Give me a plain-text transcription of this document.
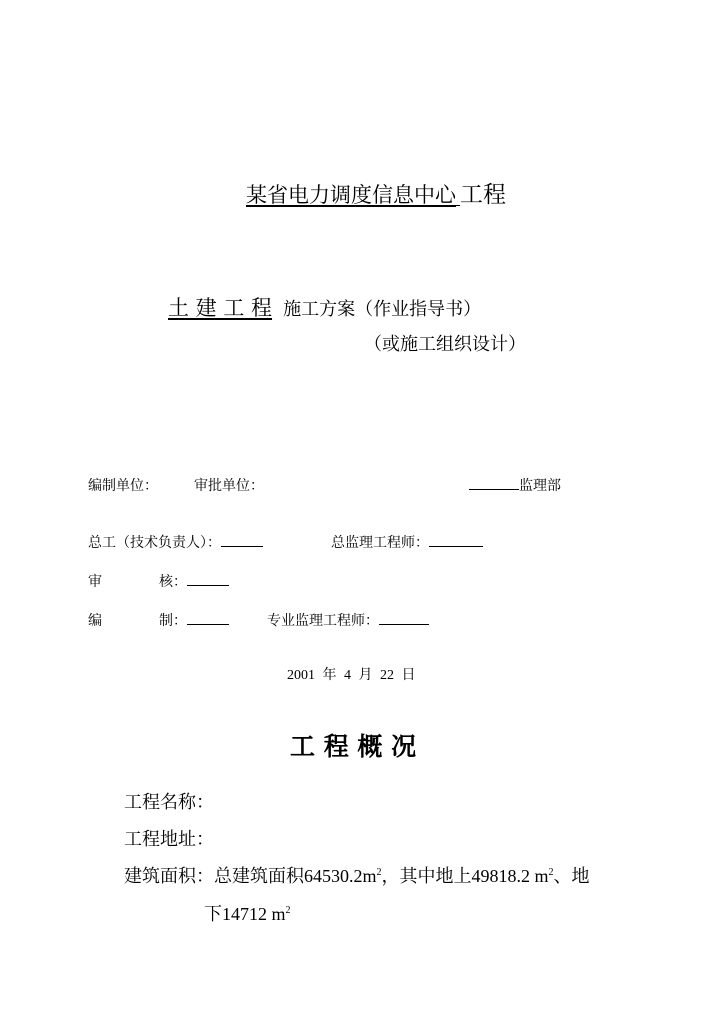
某省电力调度信息中心 工程
土 建 工 程 施工方案（作业指导书）
（或施工组织设计）
编制单位：	审批单位：	监理部
总工（技术负责人）：	总监理工程师：
审	核：
编	制：	专业监理工程师：
2001 年 4 月 22 日
工 程 概 况
工程名称：
工程地址：
建筑面积：总建筑面积$64530.2m^2$，其中地上49818.2 $m^2$、地
下14712 $m^2$
